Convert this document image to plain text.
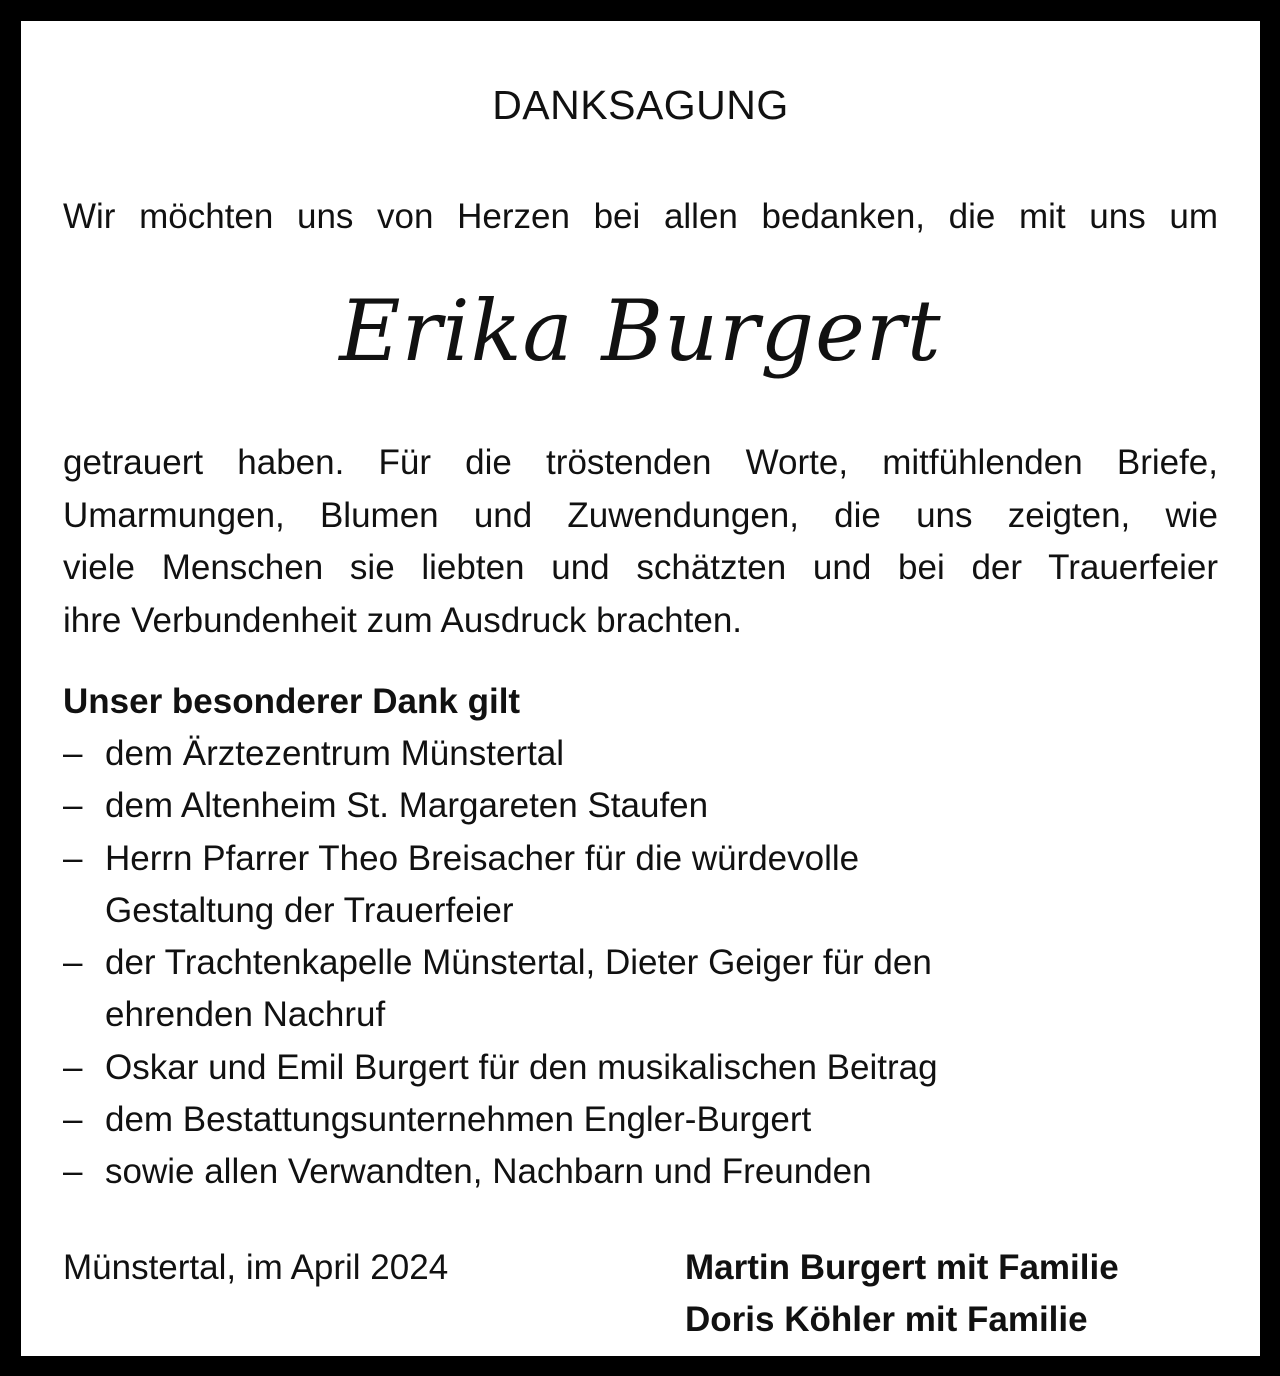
DANKSAGUNG
Wir möchten uns von Herzen bei allen bedanken, die mit uns um
Erika Burgert
getrauert haben. Für die tröstenden Worte, mitfühlenden Briefe,
Umarmungen, Blumen und Zuwendungen, die uns zeigten, wie
viele Menschen sie liebten und schätzten und bei der Trauerfeier
ihre Verbundenheit zum Ausdruck brachten.
Unser besonderer Dank gilt
– dem Ärztezentrum Münstertal
– dem Altenheim St. Margareten Staufen
– Herrn Pfarrer Theo Breisacher für die würdevolle
Gestaltung der Trauerfeier
– der Trachtenkapelle Münstertal, Dieter Geiger für den
ehrenden Nachruf
– Oskar und Emil Burgert für den musikalischen Beitrag
– dem Bestattungsunternehmen Engler-Burgert
– sowie allen Verwandten, Nachbarn und Freunden
Münstertal, im April 2024	Martin Burgert mit Familie
Doris Köhler mit Familie
